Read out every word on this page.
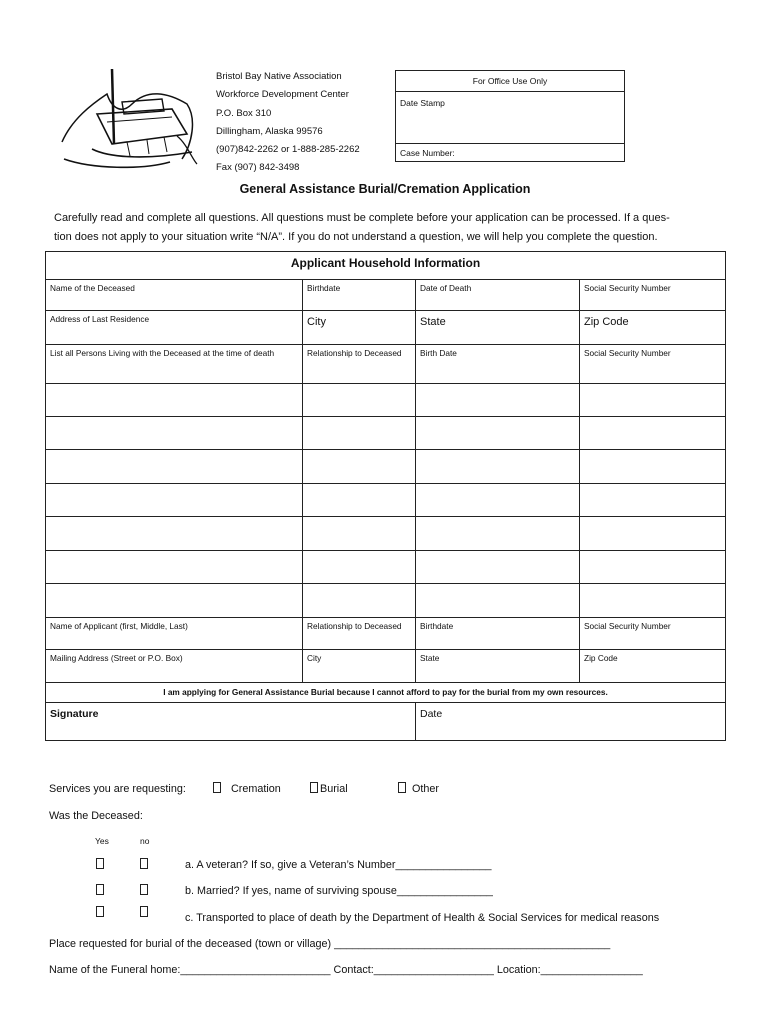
Bristol Bay Native Association
Workforce Development Center
P.O. Box 310
Dillingham, Alaska 99576
(907)842-2262 or 1-888-285-2262
Fax (907) 842-3498
For Office Use Only
Date Stamp
Case Number:
General Assistance Burial/Cremation Application
Carefully read and complete all questions. All questions must be complete before your application can be processed. If a ques-
tion does not apply to your situation write “N/A”. If you do not understand a question, we will help you complete the question.
Applicant Household Information			
Name of the Deceased	Birthdate	Date of Death	Social Security Number
Address of Last Residence	City	State	Zip Code
List all Persons Living with the Deceased at the time of death	Relationship to Deceased	Birth Date	Social Security Number

Name of Applicant (first, Middle, Last)	Relationship to Deceased	Birthdate	Social Security Number
Mailing Address (Street or P.O. Box)	City	State	Zip Code
I am applying for General Assistance Burial because I cannot afford to pay for the burial from my own resources.			
Signature		Date	
Services you are requesting:	Cremation	Burial	Other
Was the Deceased:
Yes	no
a. A veteran? If so, give a Veteran’s Number________________
b. Married? If yes, name of surviving spouse________________
c. Transported to place of death by the Department of Health & Social Services for medical reasons
Place requested for burial of the deceased (town or village) ______________________________________________
Name of the Funeral home:_________________________ Contact:____________________ Location:_________________
